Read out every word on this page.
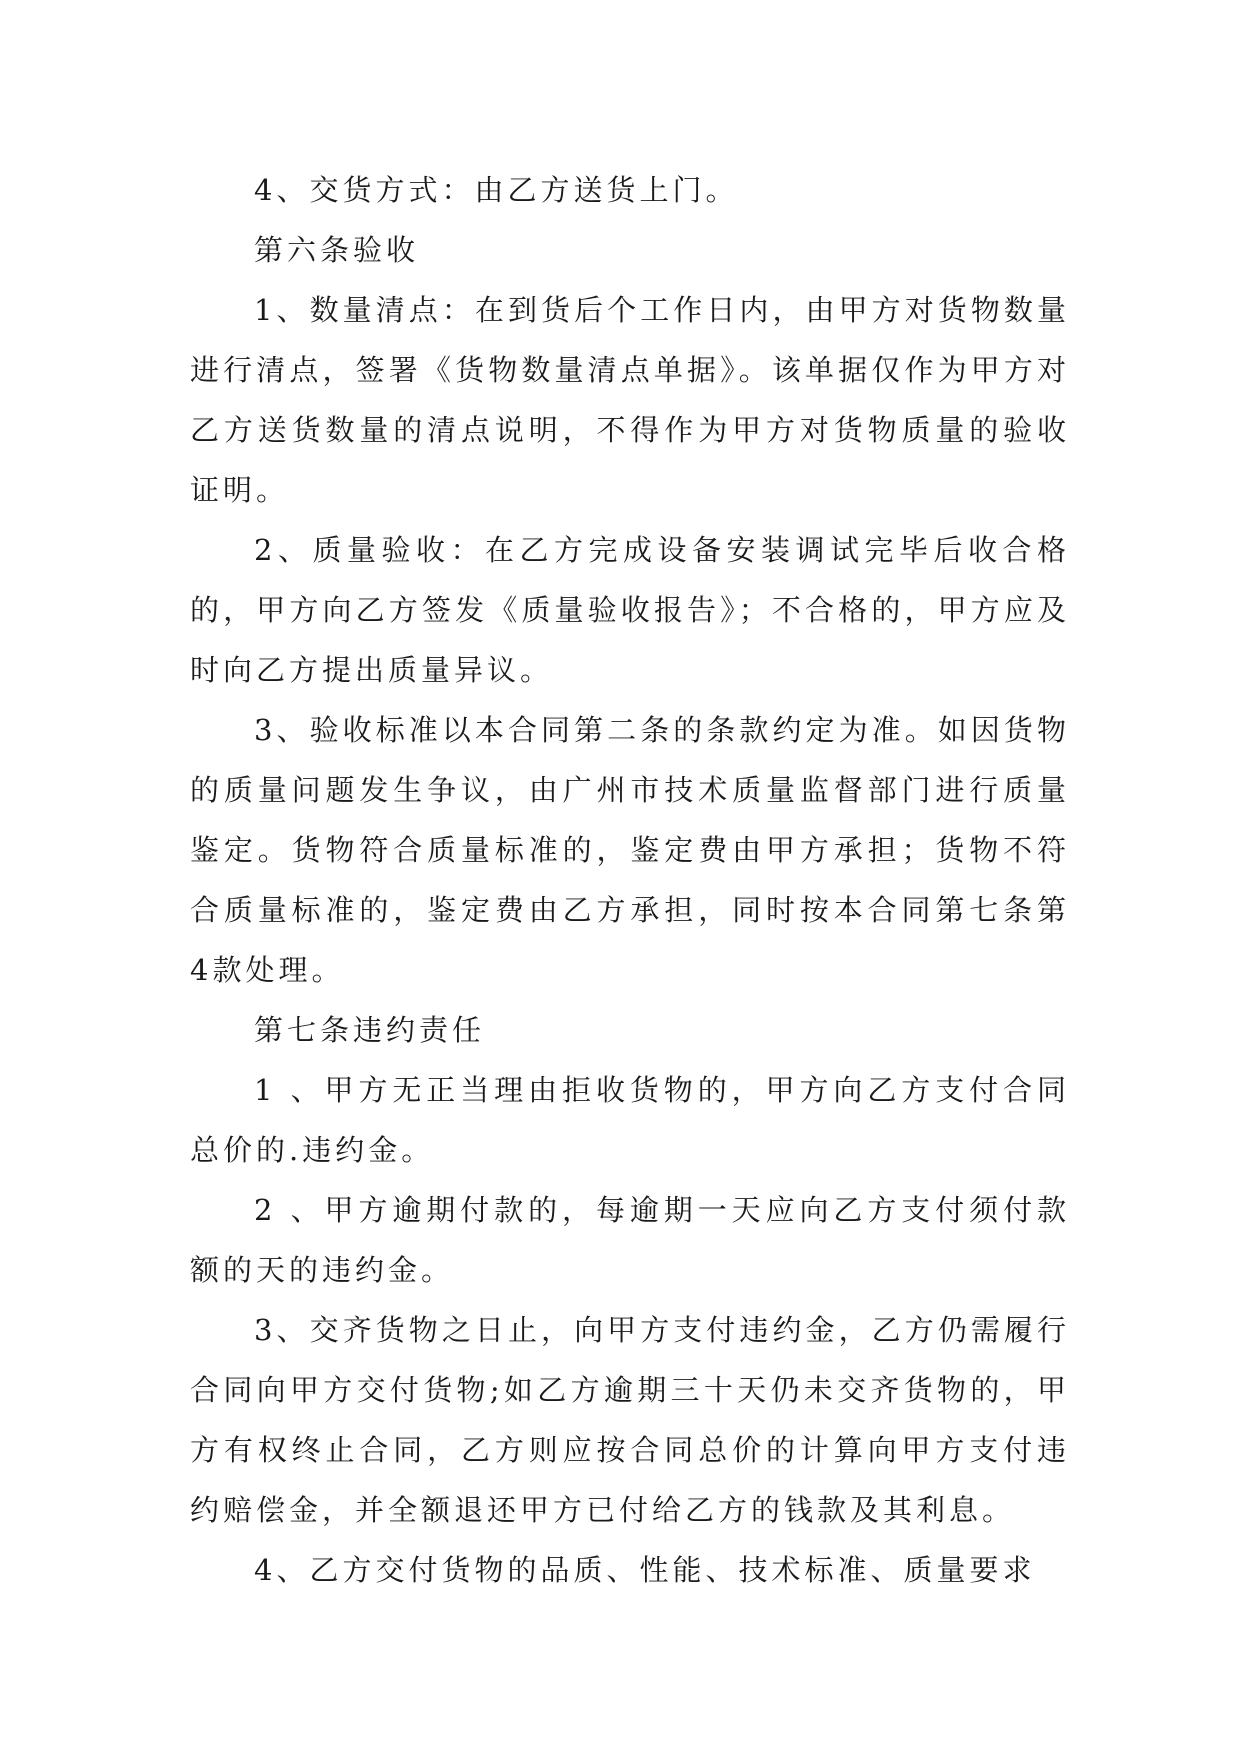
4、交货方式：由乙方送货上门。

第六条验收

1、数量清点：在到货后个工作日内，由甲方对货物数量进行清点，签署《货物数量清点单据》。该单据仅作为甲方对乙方送货数量的清点说明，不得作为甲方对货物质量的验收证明。

2、质量验收：在乙方完成设备安装调试完毕后收合格的，甲方向乙方签发《质量验收报告》；不合格的，甲方应及时向乙方提出质量异议。

3、验收标准以本合同第二条的条款约定为准。如因货物的质量问题发生争议，由广州市技术质量监督部门进行质量鉴定。货物符合质量标准的，鉴定费由甲方承担；货物不符合质量标准的，鉴定费由乙方承担，同时按本合同第七条第4款处理。

第七条违约责任

1 、甲方无正当理由拒收货物的，甲方向乙方支付合同总价的.违约金。

2 、甲方逾期付款的，每逾期一天应向乙方支付须付款额的天的违约金。

3、交齐货物之日止，向甲方支付违约金，乙方仍需履行合同向甲方交付货物;如乙方逾期三十天仍未交齐货物的，甲方有权终止合同，乙方则应按合同总价的计算向甲方支付违约赔偿金，并全额退还甲方已付给乙方的钱款及其利息。

4、乙方交付货物的品质、性能、技术标准、质量要求
